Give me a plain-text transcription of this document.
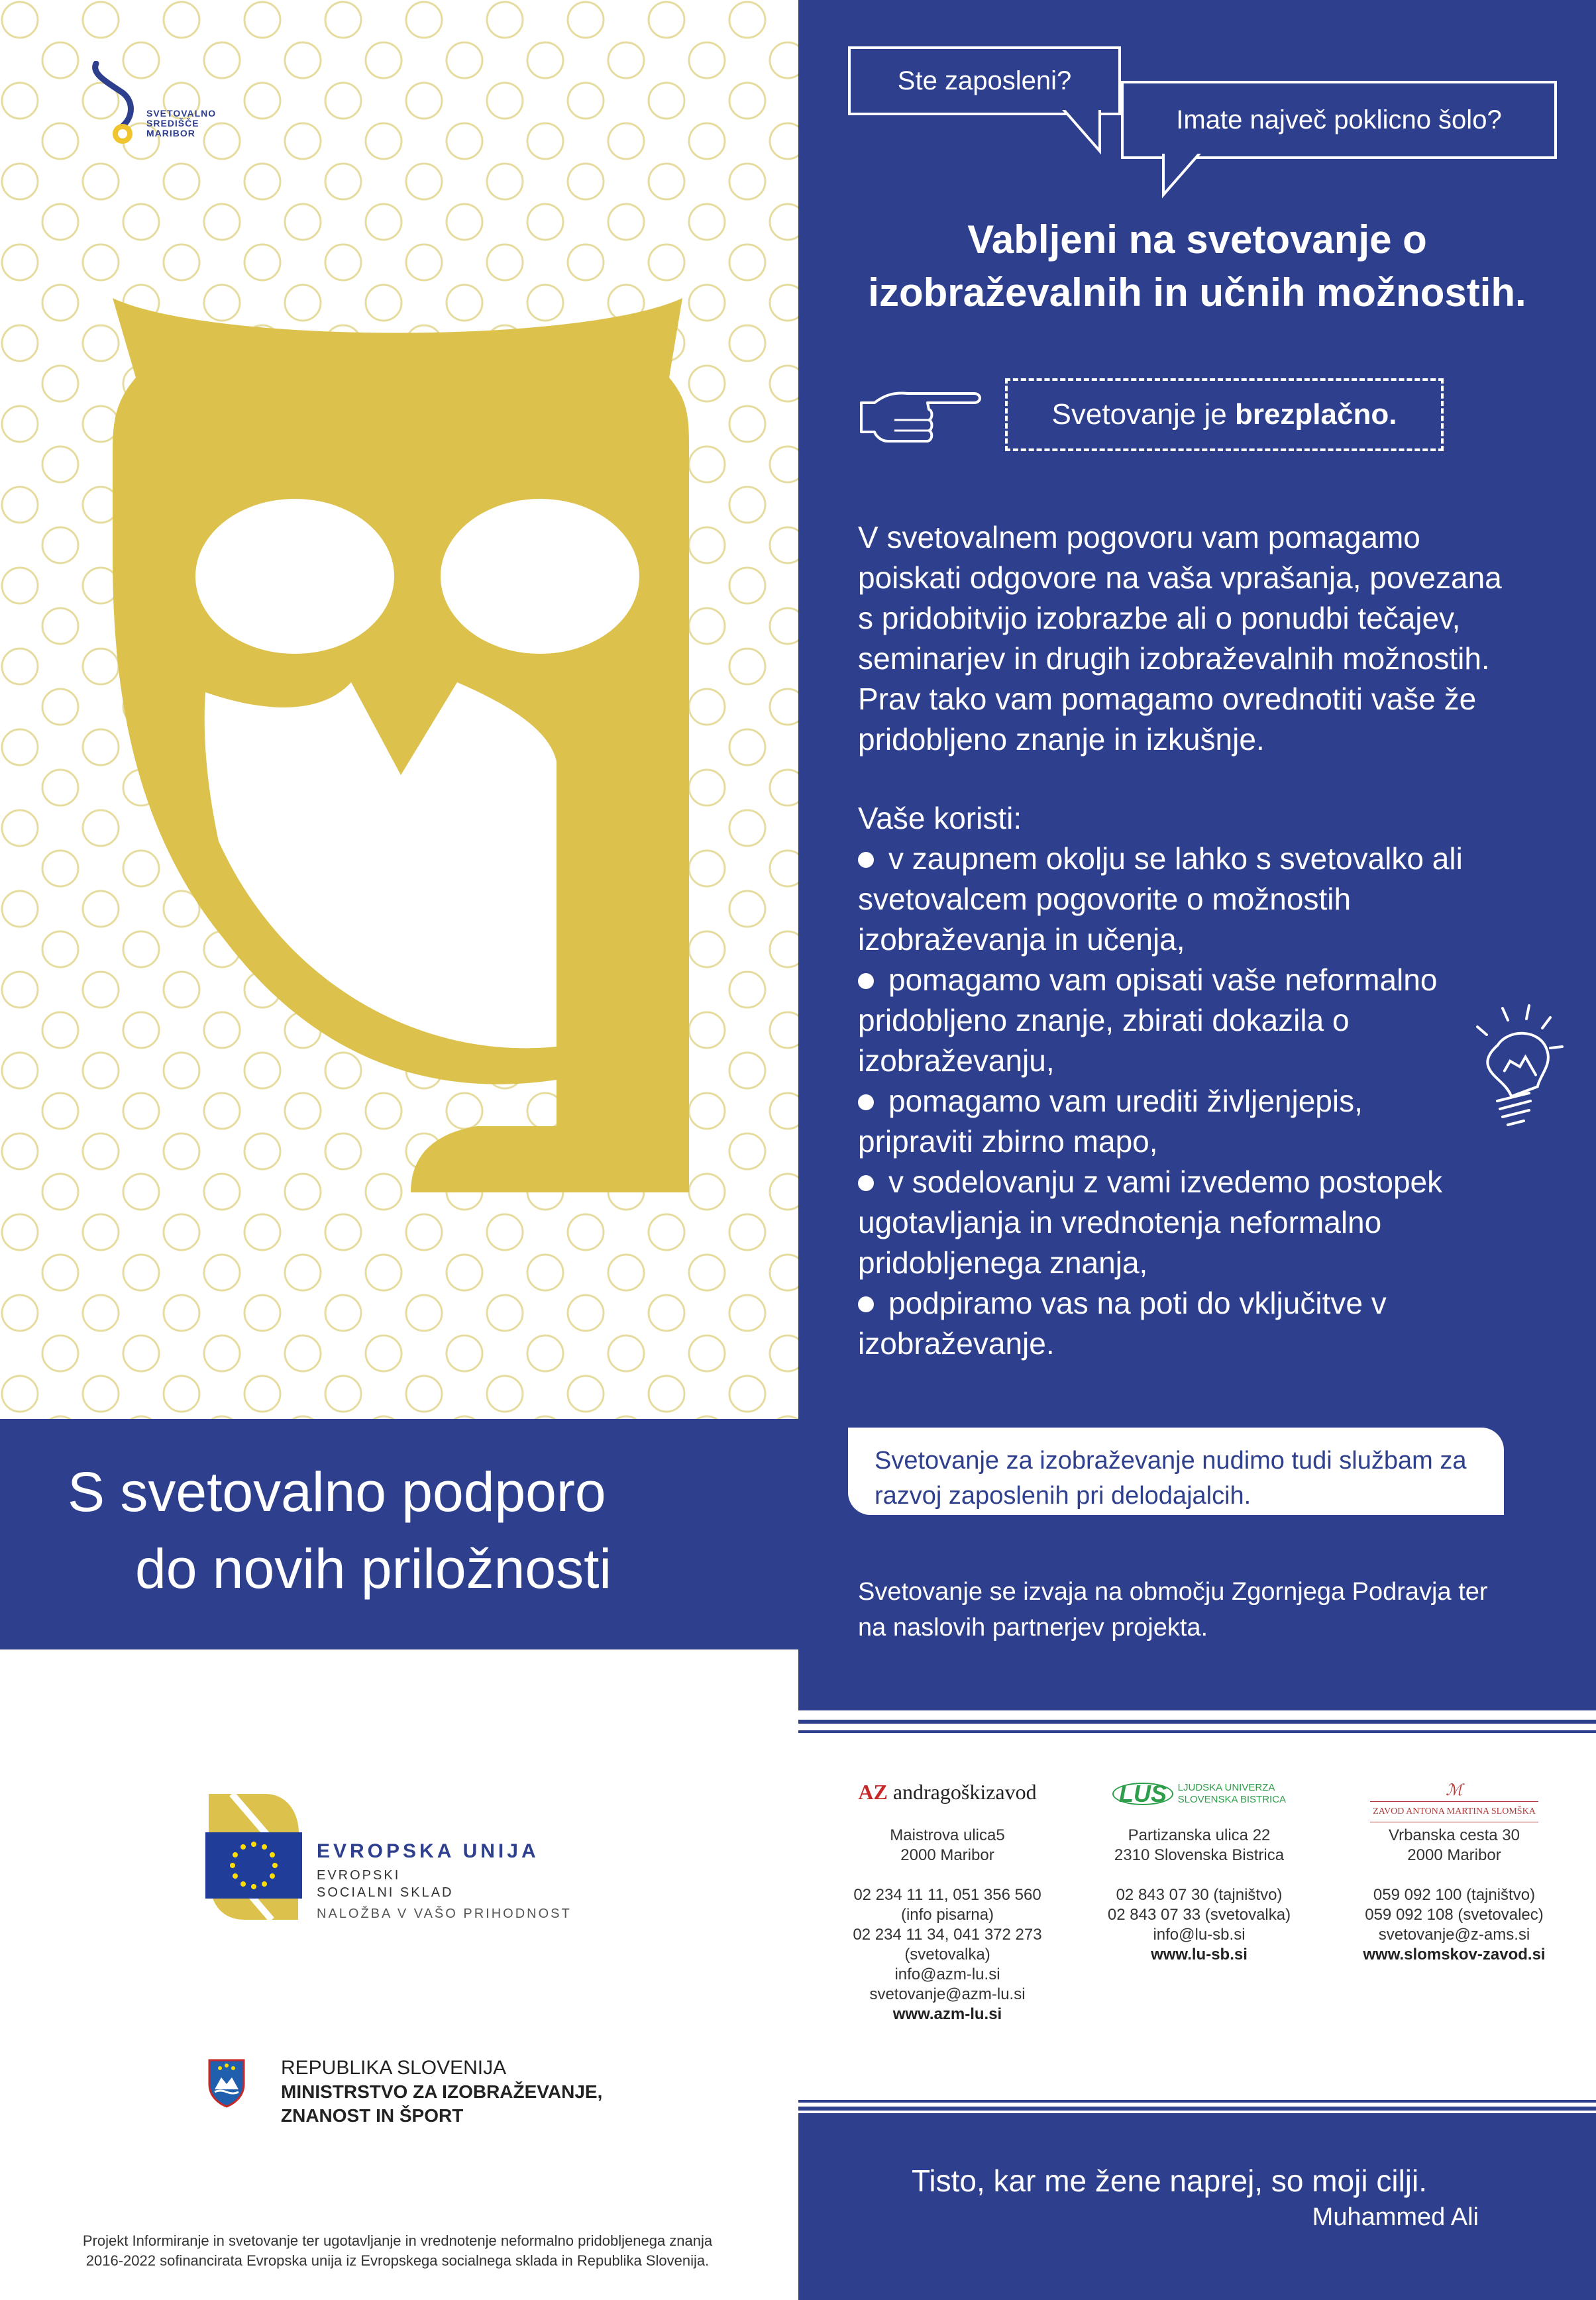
SVETOVALNO
SREDIŠČE
MARIBOR
Ste zaposleni?
Imate največ poklicno šolo?
Vabljeni na svetovanje o
izobraževalnih in učnih možnostih.
Svetovanje je brezplačno.
V svetovalnem pogovoru vam pomagamo
poiskati odgovore na vaša vprašanja, povezana
s pridobitvijo izobrazbe ali o ponudbi tečajev,
seminarjev in drugih izobraževalnih možnostih.
Prav tako vam pomagamo ovrednotiti vaše že
pridobljeno znanje in izkušnje.
Vaše koristi:
v zaupnem okolju se lahko s svetovalko ali
svetovalcem pogovorite o možnostih
izobraževanja in učenja,
pomagamo vam opisati vaše neformalno
pridobljeno znanje, zbirati dokazila o
izobraževanju,
pomagamo vam urediti življenjepis,
pripraviti zbirno mapo,
v sodelovanju z vami izvedemo postopek
ugotavljanja in vrednotenja neformalno
pridobljenega znanja,
podpiramo vas na poti do vključitve v
izobraževanje.
Svetovanje za izobraževanje nudimo tudi službam za
razvoj zaposlenih pri delodajalcih.
Svetovanje se izvaja na območju Zgornjega Podravja ter
na naslovih partnerjev projekta.
S svetovalno podporo
do novih priložnosti
EVROPSKA UNIJA
EVROPSKI
SOCIALNI SKLAD
NALOŽBA V VAŠO PRIHODNOST
REPUBLIKA SLOVENIJA
MINISTRSTVO ZA IZOBRAŽEVANJE,
ZNANOST IN ŠPORT
AZ andragoškizavod
Maistrova ulica5
2000 Maribor
02 234 11 11, 051 356 560
(info pisarna)
02 234 11 34, 041 372 273
(svetovalka)
info@azm-lu.si
svetovanje@azm-lu.si
www.azm-lu.si
LUS LJUDSKA UNIVERZA
SLOVENSKA BISTRICA
Partizanska ulica 22
2310 Slovenska Bistrica
02 843 07 30 (tajništvo)
02 843 07 33 (svetovalka)
info@lu-sb.si
www.lu-sb.si
ℳ
ZAVOD ANTONA MARTINA SLOMŠKA
Vrbanska cesta 30
2000 Maribor
059 092 100 (tajništvo)
059 092 108 (svetovalec)
svetovanje@z-ams.si
www.slomskov-zavod.si
Tisto, kar me žene naprej, so moji cilji.
Muhammed Ali
Projekt Informiranje in svetovanje ter ugotavljanje in vrednotenje neformalno pridobljenega znanja
2016-2022 sofinancirata Evropska unija iz Evropskega socialnega sklada in Republika Slovenija.
